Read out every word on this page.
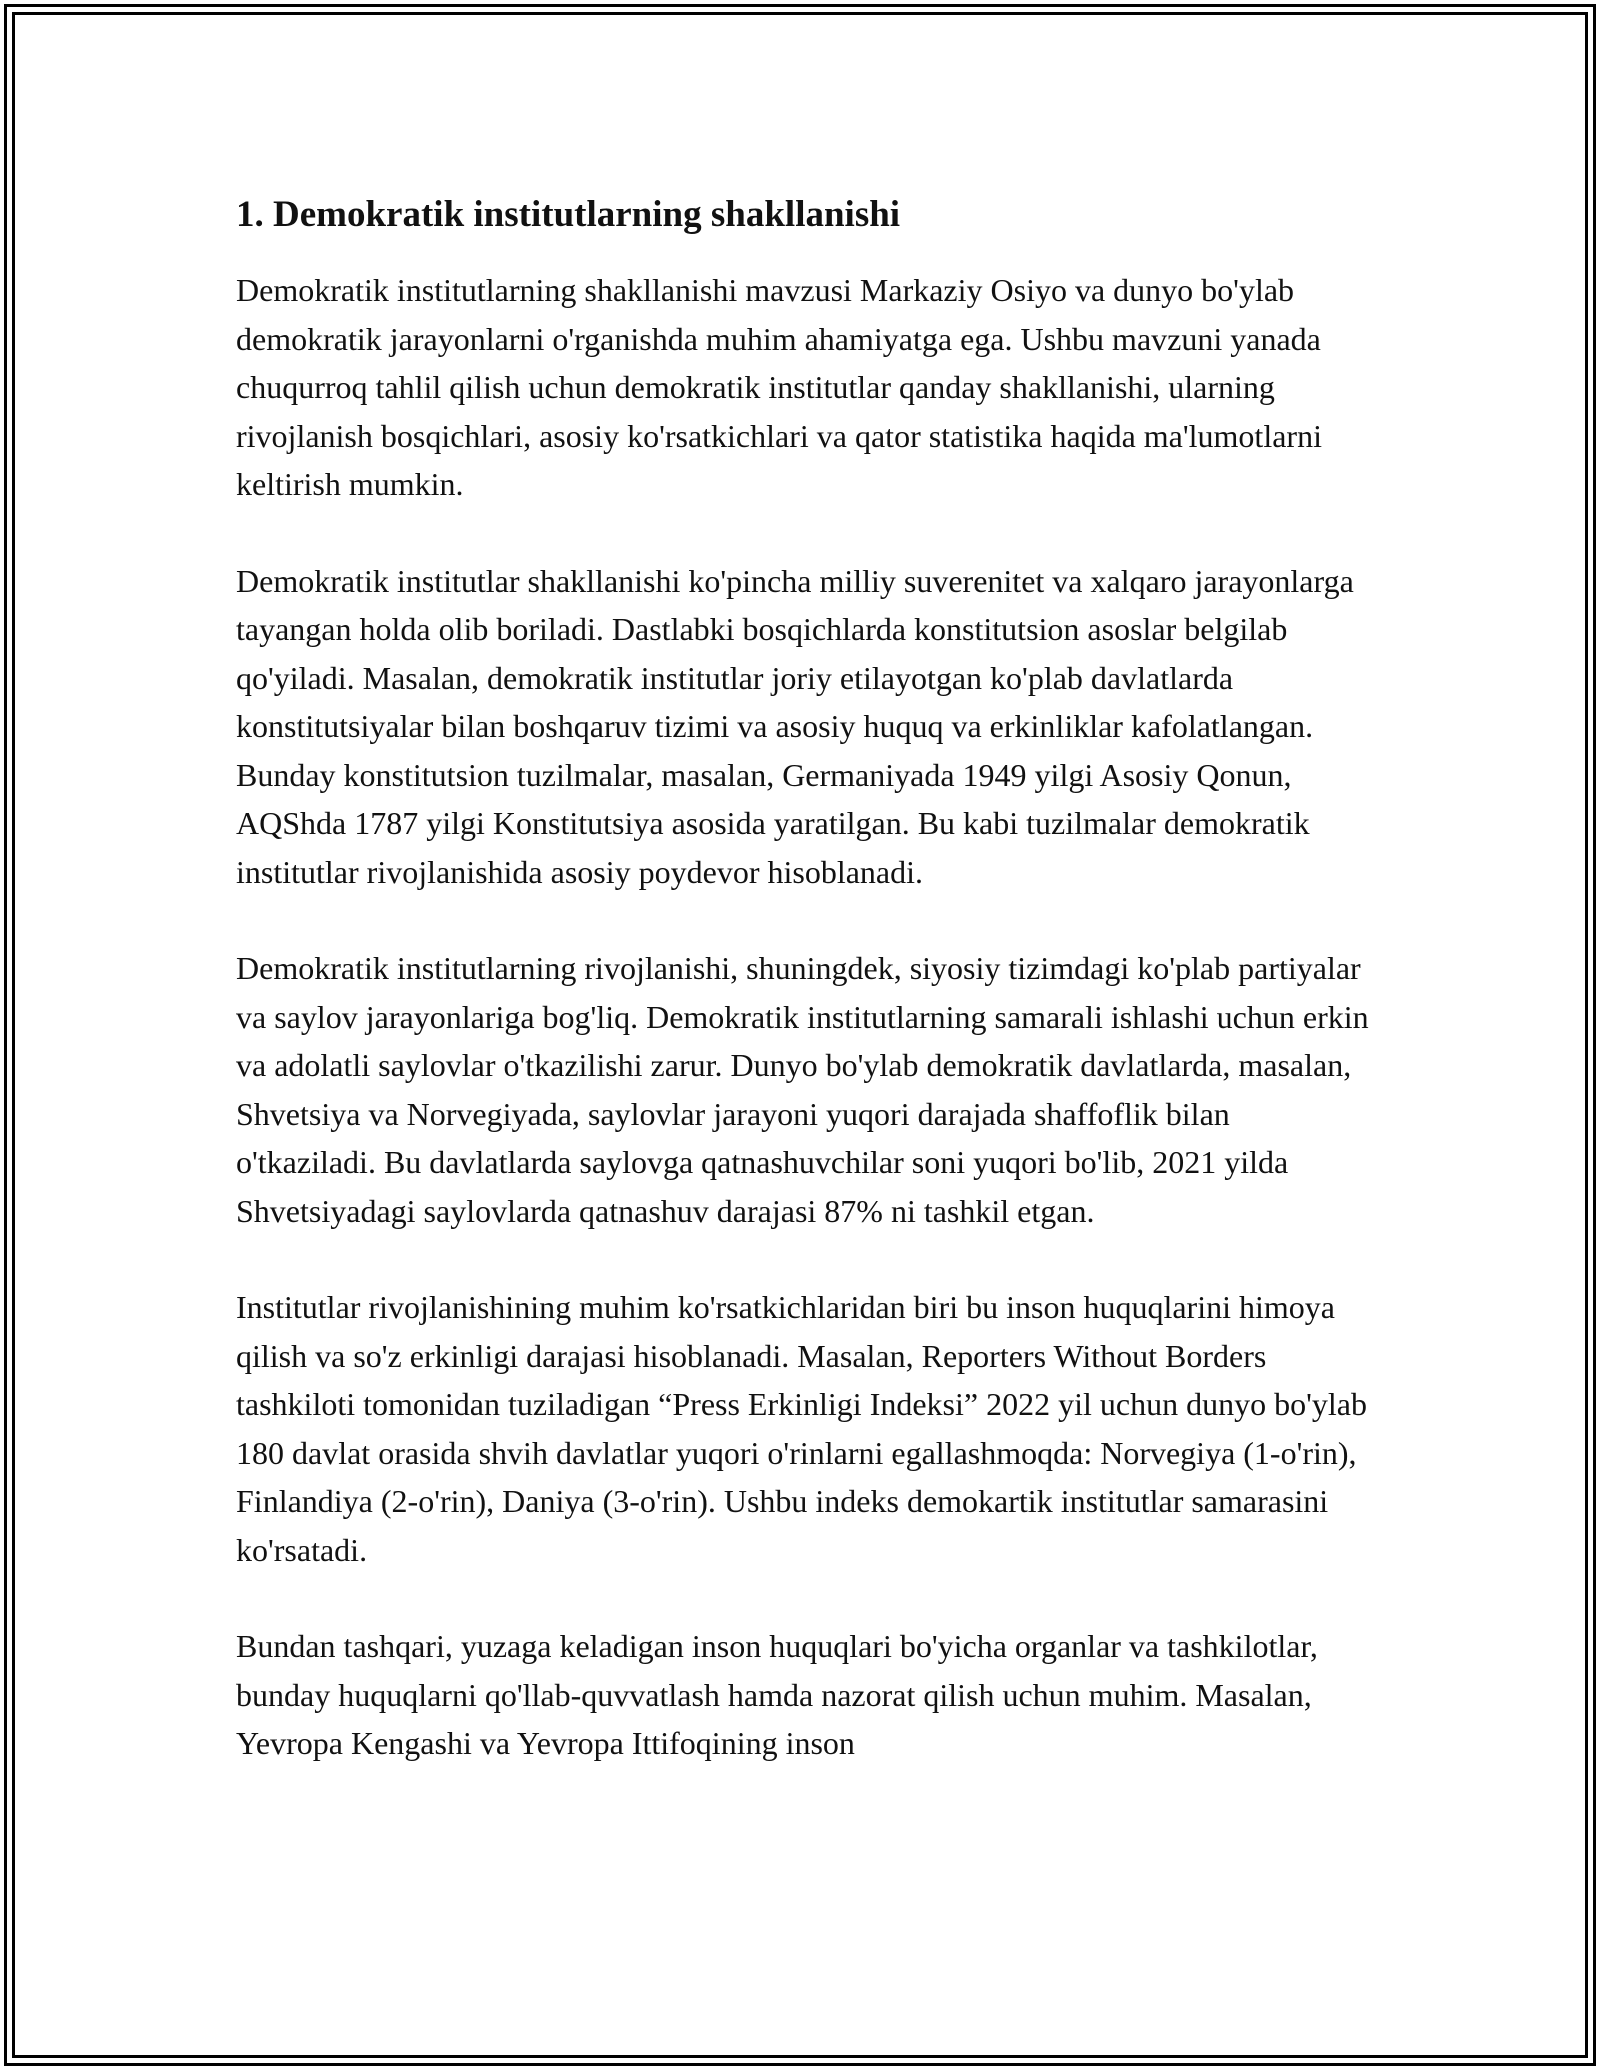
1. Demokratik institutlarning shakllanishi

Demokratik institutlarning shakllanishi mavzusi Markaziy Osiyo va dunyo bo'ylab demokratik jarayonlarni o'rganishda muhim ahamiyatga ega. Ushbu mavzuni yanada chuqurroq tahlil qilish uchun demokratik institutlar qanday shakllanishi, ularning rivojlanish bosqichlari, asosiy ko'rsatkichlari va qator statistika haqida ma'lumotlarni keltirish mumkin.

Demokratik institutlar shakllanishi ko'pincha milliy suverenitet va xalqaro jarayonlarga tayangan holda olib boriladi. Dastlabki bosqichlarda konstitutsion asoslar belgilab qo'yiladi. Masalan, demokratik institutlar joriy etilayotgan ko'plab davlatlarda konstitutsiyalar bilan boshqaruv tizimi va asosiy huquq va erkinliklar kafolatlangan. Bunday konstitutsion tuzilmalar, masalan, Germaniyada 1949 yilgi Asosiy Qonun, AQShda 1787 yilgi Konstitutsiya asosida yaratilgan. Bu kabi tuzilmalar demokratik institutlar rivojlanishida asosiy poydevor hisoblanadi.

Demokratik institutlarning rivojlanishi, shuningdek, siyosiy tizimdagi ko'plab partiyalar va saylov jarayonlariga bog'liq. Demokratik institutlarning samarali ishlashi uchun erkin va adolatli saylovlar o'tkazilishi zarur. Dunyo bo'ylab demokratik davlatlarda, masalan, Shvetsiya va Norvegiyada, saylovlar jarayoni yuqori darajada shaffoflik bilan o'tkaziladi. Bu davlatlarda saylovga qatnashuvchilar soni yuqori bo'lib, 2021 yilda Shvetsiyadagi saylovlarda qatnashuv darajasi 87% ni tashkil etgan.

Institutlar rivojlanishining muhim ko'rsatkichlaridan biri bu inson huquqlarini himoya qilish va so'z erkinligi darajasi hisoblanadi. Masalan, Reporters Without Borders tashkiloti tomonidan tuziladigan “Press Erkinligi Indeksi” 2022 yil uchun dunyo bo'ylab 180 davlat orasida shvih davlatlar yuqori o'rinlarni egallashmoqda: Norvegiya (1-o'rin), Finlandiya (2-o'rin), Daniya (3-o'rin). Ushbu indeks demokartik institutlar samarasini ko'rsatadi.

Bundan tashqari, yuzaga keladigan inson huquqlari bo'yicha organlar va tashkilotlar, bunday huquqlarni qo'llab-quvvatlash hamda nazorat qilish uchun muhim. Masalan, Yevropa Kengashi va Yevropa Ittifoqining inson
